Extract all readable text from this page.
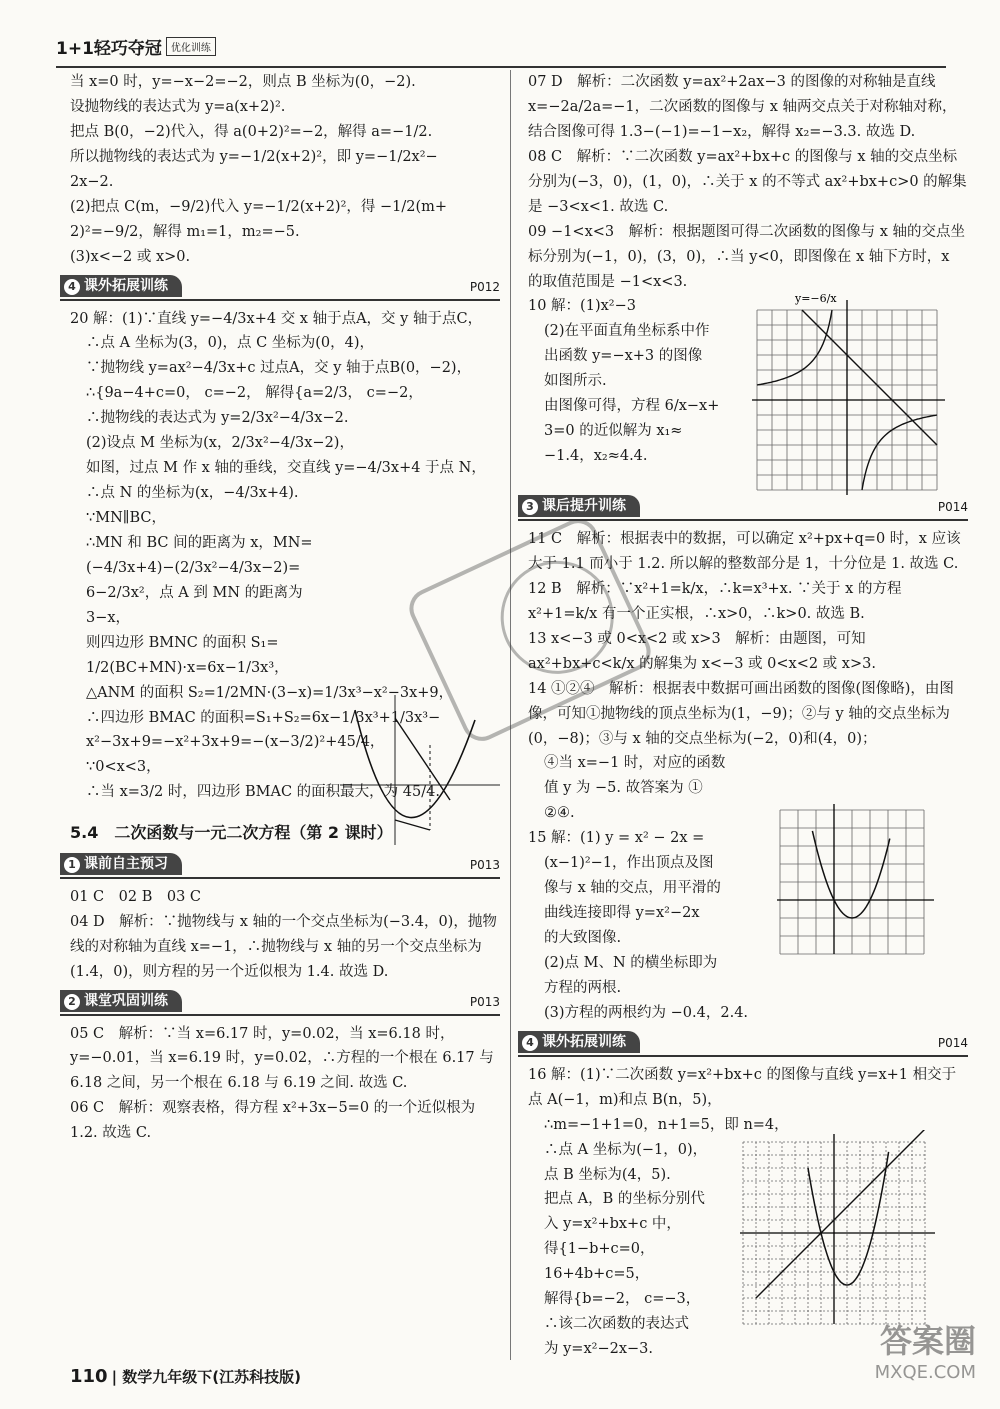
1+1轻巧夺冠 优化训练

当 x=0 时，y=−x−2=−2，则点 B 坐标为(0，−2).

设抛物线的表达式为 y=a(x+2)².

把点 B(0，−2)代入，得 a(0+2)²=−2，解得 a=−1/2.

所以抛物线的表达式为 y=−1/2(x+2)²，即 y=−1/2x²−

2x−2.

(2)把点 C(m，−9/2)代入 y=−1/2(x+2)²，得 −1/2(m+

2)²=−9/2，解得 m₁=1，m₂=−5.

(3)x<−2 或 x>0.

4 课外拓展训练	P012

20 解：(1)∵直线 y=−4/3x+4 交 x 轴于点A，交 y 轴于点C，

∴点 A 坐标为(3，0)，点 C 坐标为(0，4)，

∵抛物线 y=ax²−4/3x+c 过点A，交 y 轴于点B(0，−2)，

∴{9a−4+c=0， c=−2， 解得{a=2/3， c=−2，

∴抛物线的表达式为 y=2/3x²−4/3x−2.

(2)设点 M 坐标为(x，2/3x²−4/3x−2)，

如图，过点 M 作 x 轴的垂线，交直线 y=−4/3x+4 于点 N，

∴点 N 的坐标为(x，−4/3x+4).

∵MN∥BC，

∴MN 和 BC 间的距离为 x，MN=

(−4/3x+4)−(2/3x²−4/3x−2)=

6−2/3x²，点 A 到 MN 的距离为

3−x，

则四边形 BMNC 的面积 S₁=

1/2(BC+MN)·x=6x−1/3x³，

△ANM 的面积 S₂=1/2MN·(3−x)=1/3x³−x²−3x+9，

∴四边形 BMAC 的面积=S₁+S₂=6x−1/3x³+1/3x³−

x²−3x+9=−x²+3x+9=−(x−3/2)²+45/4，

∵0<x<3，

∴当 x=3/2 时，四边形 BMAC 的面积最大，为 45/4.

5.4　二次函数与一元二次方程（第 2 课时）
1 课前自主预习	P013

01 C　02 B　03 C

04 D　解析：∵抛物线与 x 轴的一个交点坐标为(−3.4，0)，抛物线的对称轴为直线 x=−1，∴抛物线与 x 轴的另一个交点坐标为(1.4，0)，则方程的另一个近似根为 1.4. 故选 D.

2 课堂巩固训练	P013

05 C　解析：∵当 x=6.17 时，y=0.02，当 x=6.18 时，y=−0.01，当 x=6.19 时，y=0.02，∴方程的一个根在 6.17 与 6.18 之间，另一个根在 6.18 与 6.19 之间. 故选 C.

06 C　解析：观察表格，得方程 x²+3x−5=0 的一个近似根为 1.2. 故选 C.

07 D　解析：二次函数 y=ax²+2ax−3 的图像的对称轴是直线 x=−2a/2a=−1，二次函数的图像与 x 轴两交点关于对称轴对称，结合图像可得 1.3−(−1)=−1−x₂，解得 x₂=−3.3. 故选 D.

08 C　解析：∵二次函数 y=ax²+bx+c 的图像与 x 轴的交点坐标分别为(−3，0)，(1，0)，∴关于 x 的不等式 ax²+bx+c>0 的解集是 −3<x<1. 故选 C.

09 −1<x<3　解析：根据题图可得二次函数的图像与 x 轴的交点坐标分别为(−1，0)，(3，0)，∴当 y<0，即图像在 x 轴下方时，x 的取值范围是 −1<x<3.

10 解：(1)x²−3

(2)在平面直角坐标系中作

出函数 y=−x+3 的图像

如图所示.

由图像可得，方程 6/x−x+

3=0 的近似解为 x₁≈

−1.4，x₂≈4.4.

3 课后提升训练	P014

11 C　解析：根据表中的数据，可以确定 x²+px+q=0 时，x 应该大于 1.1 而小于 1.2. 所以解的整数部分是 1，十分位是 1. 故选 C.

12 B　解析：∵x²+1=k/x，∴k=x³+x. ∵关于 x 的方程 x²+1=k/x 有一个正实根，∴x>0，∴k>0. 故选 B.

13 x<−3 或 0<x<2 或 x>3　解析：由题图，可知 ax²+bx+c<k/x 的解集为 x<−3 或 0<x<2 或 x>3.

14 ①②④　解析：根据表中数据可画出函数的图像(图像略)，由图像，可知①抛物线的顶点坐标为(1，−9)；②与 y 轴的交点坐标为(0，−8)；③与 x 轴的交点坐标为(−2，0)和(4，0)；

④当 x=−1 时，对应的函数

值 y 为 −5. 故答案为 ①

②④.

15 解：(1) y = x² − 2x =

(x−1)²−1，作出顶点及图

像与 x 轴的交点，用平滑的

曲线连接即得 y=x²−2x

的大致图像.

(2)点 M、N 的横坐标即为

方程的两根.

(3)方程的两根约为 −0.4，2.4.

4 课外拓展训练	P014

16 解：(1)∵二次函数 y=x²+bx+c 的图像与直线 y=x+1 相交于点 A(−1，m)和点 B(n，5)，

∴m=−1+1=0，n+1=5，即 n=4，

∴点 A 坐标为(−1，0)，

点 B 坐标为(4，5).

把点 A，B 的坐标分别代

入 y=x²+bx+c 中，

得{1−b+c=0， 16+4b+c=5，

解得{b=−2， c=−3，

∴该二次函数的表达式

为 y=x²−2x−3.

y=−6/x
110 | 数学九年级下(江苏科技版)
答案圈
MXQE.COM
